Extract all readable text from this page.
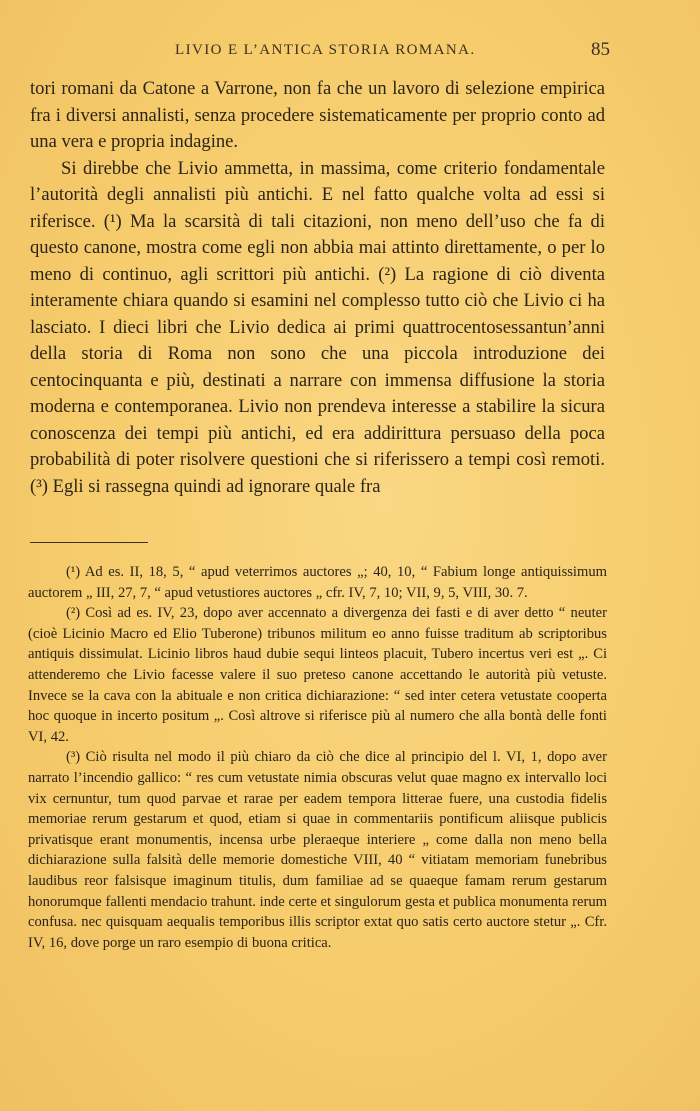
LIVIO E L’ANTICA STORIA ROMANA.	85

tori romani da Catone a Varrone, non fa che un lavoro di selezione empirica fra i diversi annalisti, senza procedere sistematicamente per proprio conto ad una vera e propria indagine.

Si direbbe che Livio ammetta, in massima, come criterio fondamentale l’autorità degli annalisti più antichi. E nel fatto qualche volta ad essi si riferisce. (¹) Ma la scarsità di tali citazioni, non meno dell’uso che fa di questo canone, mostra come egli non abbia mai attinto direttamente, o per lo meno di continuo, agli scrittori più antichi. (²) La ragione di ciò diventa interamente chiara quando si esamini nel complesso tutto ciò che Livio ci ha lasciato. I dieci libri che Livio dedica ai primi quattrocentosessantun’anni della storia di Roma non sono che una piccola introduzione dei centocinquanta e più, destinati a narrare con immensa diffusione la storia moderna e contemporanea. Livio non prendeva interesse a stabilire la sicura conoscenza dei tempi più antichi, ed era addirittura persuaso della poca probabilità di poter risolvere questioni che si riferissero a tempi così remoti. (³) Egli si rassegna quindi ad ignorare quale fra

(¹) Ad es. II, 18, 5, “ apud veterrimos auctores „; 40, 10, “ Fabium longe antiquissimum auctorem „ III, 27, 7, “ apud vetustiores auctores „ cfr. IV, 7, 10; VII, 9, 5, VIII, 30. 7.

(²) Così ad es. IV, 23, dopo aver accennato a divergenza dei fasti e di aver detto “ neuter (cioè Licinio Macro ed Elio Tuberone) tribunos militum eo anno fuisse traditum ab scriptoribus antiquis dissimulat. Licinio libros haud dubie sequi linteos placuit, Tubero incertus veri est „. Ci attenderemo che Livio facesse valere il suo preteso canone accettando le autorità più vetuste. Invece se la cava con la abituale e non critica dichiarazione: “ sed inter cetera vetustate cooperta hoc quoque in incerto positum „. Così altrove si riferisce più al numero che alla bontà delle fonti VI, 42.

(³) Ciò risulta nel modo il più chiaro da ciò che dice al principio del l. VI, 1, dopo aver narrato l’incendio gallico: “ res cum vetustate nimia obscuras velut quae magno ex intervallo loci vix cernuntur, tum quod parvae et rarae per eadem tempora litterae fuere, una custodia fidelis memoriae rerum gestarum et quod, etiam si quae in commentariis pontificum aliisque publicis privatisque erant monumentis, incensa urbe pleraeque interiere „ come dalla non meno bella dichiarazione sulla falsità delle memorie domestiche VIII, 40 “ vitiatam memoriam funebribus laudibus reor falsisque imaginum titulis, dum familiae ad se quaeque famam rerum gestarum honorumque fallenti mendacio trahunt. inde certe et singulorum gesta et publica monumenta rerum confusa. nec quisquam aequalis temporibus illis scriptor extat quo satis certo auctore stetur „. Cfr. IV, 16, dove porge un raro esempio di buona critica.
